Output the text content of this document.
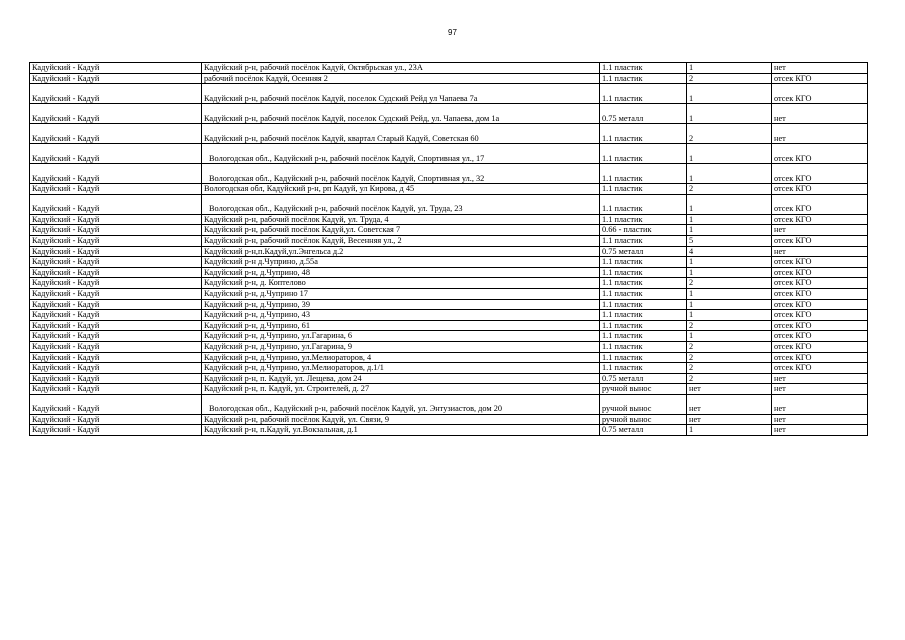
97
Кадуйский - Кадуй	Кадуйский р-н, рабочий посёлок Кадуй, Октябрьская ул., 23А	1.1 пластик	1	нет
Кадуйский - Кадуй	рабочий посёлок Кадуй, Осенняя 2	1.1 пластик	2	отсек КГО
Кадуйский - Кадуй	Кадуйский р-н, рабочий посёлок Кадуй, поселок Судский Рейд ул Чапаева 7а	1.1 пластик	1	отсек КГО
Кадуйский - Кадуй	Кадуйский р-н, рабочий посёлок Кадуй, поселок Судский Рейд, ул. Чапаева, дом 1а	0.75 металл	1	нет
Кадуйский - Кадуй	Кадуйский р-н, рабочий посёлок Кадуй, квартал Старый Кадуй, Советская 60	1.1 пластик	2	нет
Кадуйский - Кадуй	Вологодская обл., Кадуйский р-н, рабочий посёлок Кадуй, Спортивная ул., 17	1.1 пластик	1	отсек КГО
Кадуйский - Кадуй	Вологодская обл., Кадуйский р-н, рабочий посёлок Кадуй, Спортивная ул., 32	1.1 пластик	1	отсек КГО
Кадуйский - Кадуй	Вологодская обл, Кадуйский р-н, рп Кадуй, ул Кирова, д 45	1.1 пластик	2	отсек КГО
Кадуйский - Кадуй	Вологодская обл., Кадуйский р-н, рабочий посёлок Кадуй, ул. Труда, 23	1.1 пластик	1	отсек КГО
Кадуйский - Кадуй	Кадуйский р-н, рабочий посёлок Кадуй, ул. Труда, 4	1.1 пластик	1	отсек КГО
Кадуйский - Кадуй	Кадуйский р-н, рабочий посёлок Кадуй,ул. Советская 7	0.66 - пластик	1	нет
Кадуйский - Кадуй	Кадуйский р-н, рабочий посёлок Кадуй, Весенняя ул., 2	1.1 пластик	5	отсек КГО
Кадуйский - Кадуй	Кадуйский р-н,п.Кадуй,ул.Энгельса д.2	0.75 металл	4	нет
Кадуйский - Кадуй	Кадуйский р-н д.Чуприно, д.55а	1.1 пластик	1	отсек КГО
Кадуйский - Кадуй	Кадуйский р-н, д.Чуприно, 48	1.1 пластик	1	отсек КГО
Кадуйский - Кадуй	Кадуйский р-н, д. Коптелово	1.1 пластик	2	отсек КГО
Кадуйский - Кадуй	Кадуйский р-н, д.Чуприно 17	1.1 пластик	1	отсек КГО
Кадуйский - Кадуй	Кадуйский р-н, д.Чуприно, 39	1.1 пластик	1	отсек КГО
Кадуйский - Кадуй	Кадуйский р-н, д.Чуприно, 43	1.1 пластик	1	отсек КГО
Кадуйский - Кадуй	Кадуйский р-н, д.Чуприно, 61	1.1 пластик	2	отсек КГО
Кадуйский - Кадуй	Кадуйский р-н, д.Чуприно, ул.Гагарина, 6	1.1 пластик	1	отсек КГО
Кадуйский - Кадуй	Кадуйский р-н, д.Чуприно, ул.Гагарина, 9	1.1 пластик	2	отсек КГО
Кадуйский - Кадуй	Кадуйский р-н, д.Чуприно, ул.Мелиораторов, 4	1.1 пластик	2	отсек КГО
Кадуйский - Кадуй	Кадуйский р-н, д.Чуприно, ул.Мелиораторов, д.1/1	1.1 пластик	2	отсек КГО
Кадуйский - Кадуй	Кадуйский р-н, п. Кадуй, ул. Лещева, дом 24	0.75 металл	2	нет
Кадуйский - Кадуй	Кадуйский р-н, п. Кадуй, ул. Строителей, д. 27	ручной вынос	нет	нет
Кадуйский - Кадуй	Вологодская обл., Кадуйский р-н, рабочий посёлок Кадуй, ул. Энтузиастов, дом 20	ручной вынос	нет	нет
Кадуйский - Кадуй	Кадуйский р-н, рабочий посёлок Кадуй, ул. Связи, 9	ручной вынос	нет	нет
Кадуйский - Кадуй	Кадуйский р-н, п.Кадуй, ул.Вокзальная, д.1	0.75 металл	1	нет
